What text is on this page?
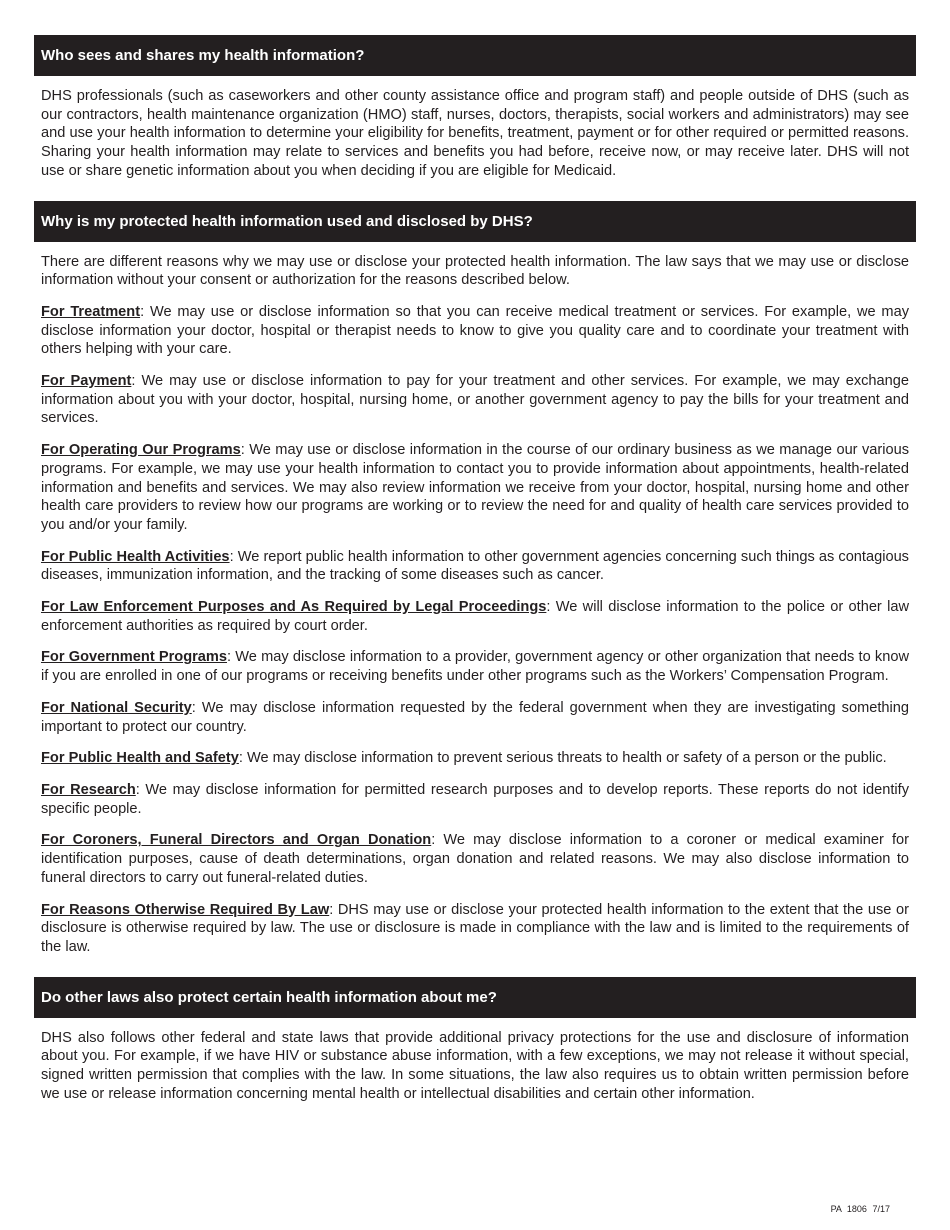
Who sees and shares my health information?

DHS professionals (such as caseworkers and other county assistance office and program staff) and people outside of DHS (such as our contractors, health maintenance organization (HMO) staff, nurses, doctors, therapists, social workers and administrators) may see and use your health information to determine your eligibility for benefits, treatment, payment or for other required or permitted reasons. Sharing your health information may relate to services and benefits you had before, receive now, or may receive later. DHS will not use or share genetic information about you when deciding if you are eligible for Medicaid.

Why is my protected health information used and disclosed by DHS?

There are different reasons why we may use or disclose your protected health information. The law says that we may use or disclose information without your consent or authorization for the reasons described below.

For Treatment: We may use or disclose information so that you can receive medical treatment or services. For example, we may disclose information your doctor, hospital or therapist needs to know to give you quality care and to coordinate your treatment with others helping with your care.

For Payment: We may use or disclose information to pay for your treatment and other services. For example, we may exchange information about you with your doctor, hospital, nursing home, or another government agency to pay the bills for your treatment and services.

For Operating Our Programs: We may use or disclose information in the course of our ordinary business as we manage our various programs. For example, we may use your health information to contact you to provide information about appointments, health-related information and benefits and services. We may also review information we receive from your doctor, hospital, nursing home and other health care providers to review how our programs are working or to review the need for and quality of health care services provided to you and/or your family.

For Public Health Activities: We report public health information to other government agencies concerning such things as contagious diseases, immunization information, and the tracking of some diseases such as cancer.

For Law Enforcement Purposes and As Required by Legal Proceedings: We will disclose information to the police or other law enforcement authorities as required by court order.

For Government Programs: We may disclose information to a provider, government agency or other organization that needs to know if you are enrolled in one of our programs or receiving benefits under other programs such as the Workers’ Compensation Program.

For National Security: We may disclose information requested by the federal government when they are investigating something important to protect our country.

For Public Health and Safety: We may disclose information to prevent serious threats to health or safety of a person or the public.

For Research: We may disclose information for permitted research purposes and to develop reports. These reports do not identify specific people.

For Coroners, Funeral Directors and Organ Donation: We may disclose information to a coroner or medical examiner for identification purposes, cause of death determinations, organ donation and related reasons. We may also disclose information to funeral directors to carry out funeral-related duties.

For Reasons Otherwise Required By Law: DHS may use or disclose your protected health information to the extent that the use or disclosure is otherwise required by law. The use or disclosure is made in compliance with the law and is limited to the requirements of the law.

Do other laws also protect certain health information about me?

DHS also follows other federal and state laws that provide additional privacy protections for the use and disclosure of information about you. For example, if we have HIV or substance abuse information, with a few exceptions, we may not release it without special, signed written permission that complies with the law. In some situations, the law also requires us to obtain written permission before we use or release information concerning mental health or intellectual disabilities and certain other information.

PA 1806 7/17
